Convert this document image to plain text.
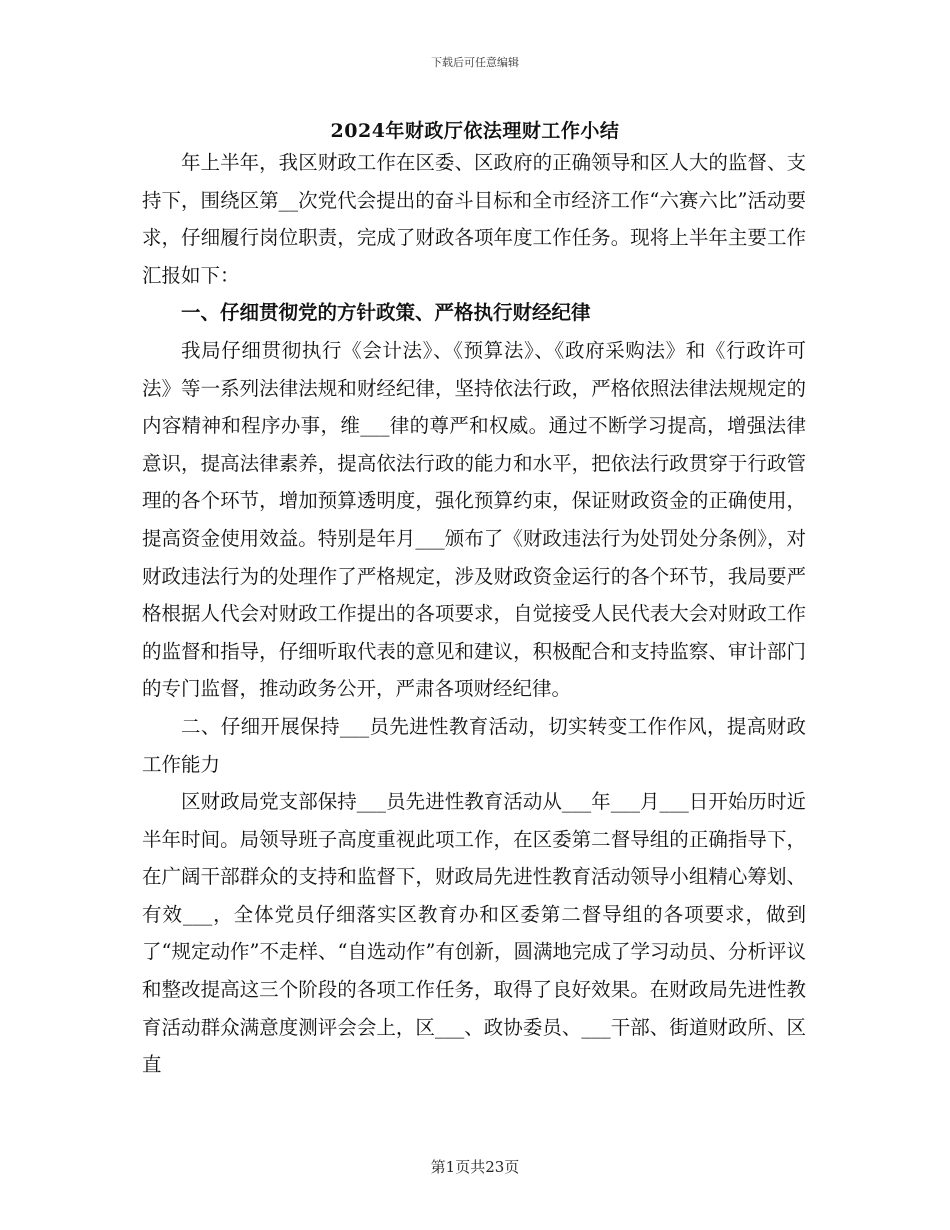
下载后可任意编辑
2024年财政厅依法理财工作小结

年上半年，我区财政工作在区委、区政府的正确领导和区人大的监督、支持下，围绕区第__次党代会提出的奋斗目标和全市经济工作“六赛六比”活动要求，仔细履行岗位职责，完成了财政各项年度工作任务。现将上半年主要工作汇报如下：

一、仔细贯彻党的方针政策、严格执行财经纪律

我局仔细贯彻执行《会计法》、《预算法》、《政府采购法》和《行政许可法》等一系列法律法规和财经纪律，坚持依法行政，严格依照法律法规规定的内容精神和程序办事，维___律的尊严和权威。通过不断学习提高，增强法律意识，提高法律素养，提高依法行政的能力和水平，把依法行政贯穿于行政管理的各个环节，增加预算透明度，强化预算约束，保证财政资金的正确使用，提高资金使用效益。特别是年月___颁布了《财政违法行为处罚处分条例》，对财政违法行为的处理作了严格规定，涉及财政资金运行的各个环节，我局要严格根据人代会对财政工作提出的各项要求，自觉接受人民代表大会对财政工作的监督和指导，仔细听取代表的意见和建议，积极配合和支持监察、审计部门的专门监督，推动政务公开，严肃各项财经纪律。

二、仔细开展保持___员先进性教育活动，切实转变工作作风，提高财政工作能力

区财政局党支部保持___员先进性教育活动从___年___月___日开始历时近半年时间。局领导班子高度重视此项工作，在区委第二督导组的正确指导下，在广阔干部群众的支持和监督下，财政局先进性教育活动领导小组精心筹划、有效___，全体党员仔细落实区教育办和区委第二督导组的各项要求，做到了“规定动作”不走样、“自选动作”有创新，圆满地完成了学习动员、分析评议和整改提高这三个阶段的各项工作任务，取得了良好效果。在财政局先进性教育活动群众满意度测评会会上，区___、政协委员、___干部、街道财政所、区直

第1页共23页
